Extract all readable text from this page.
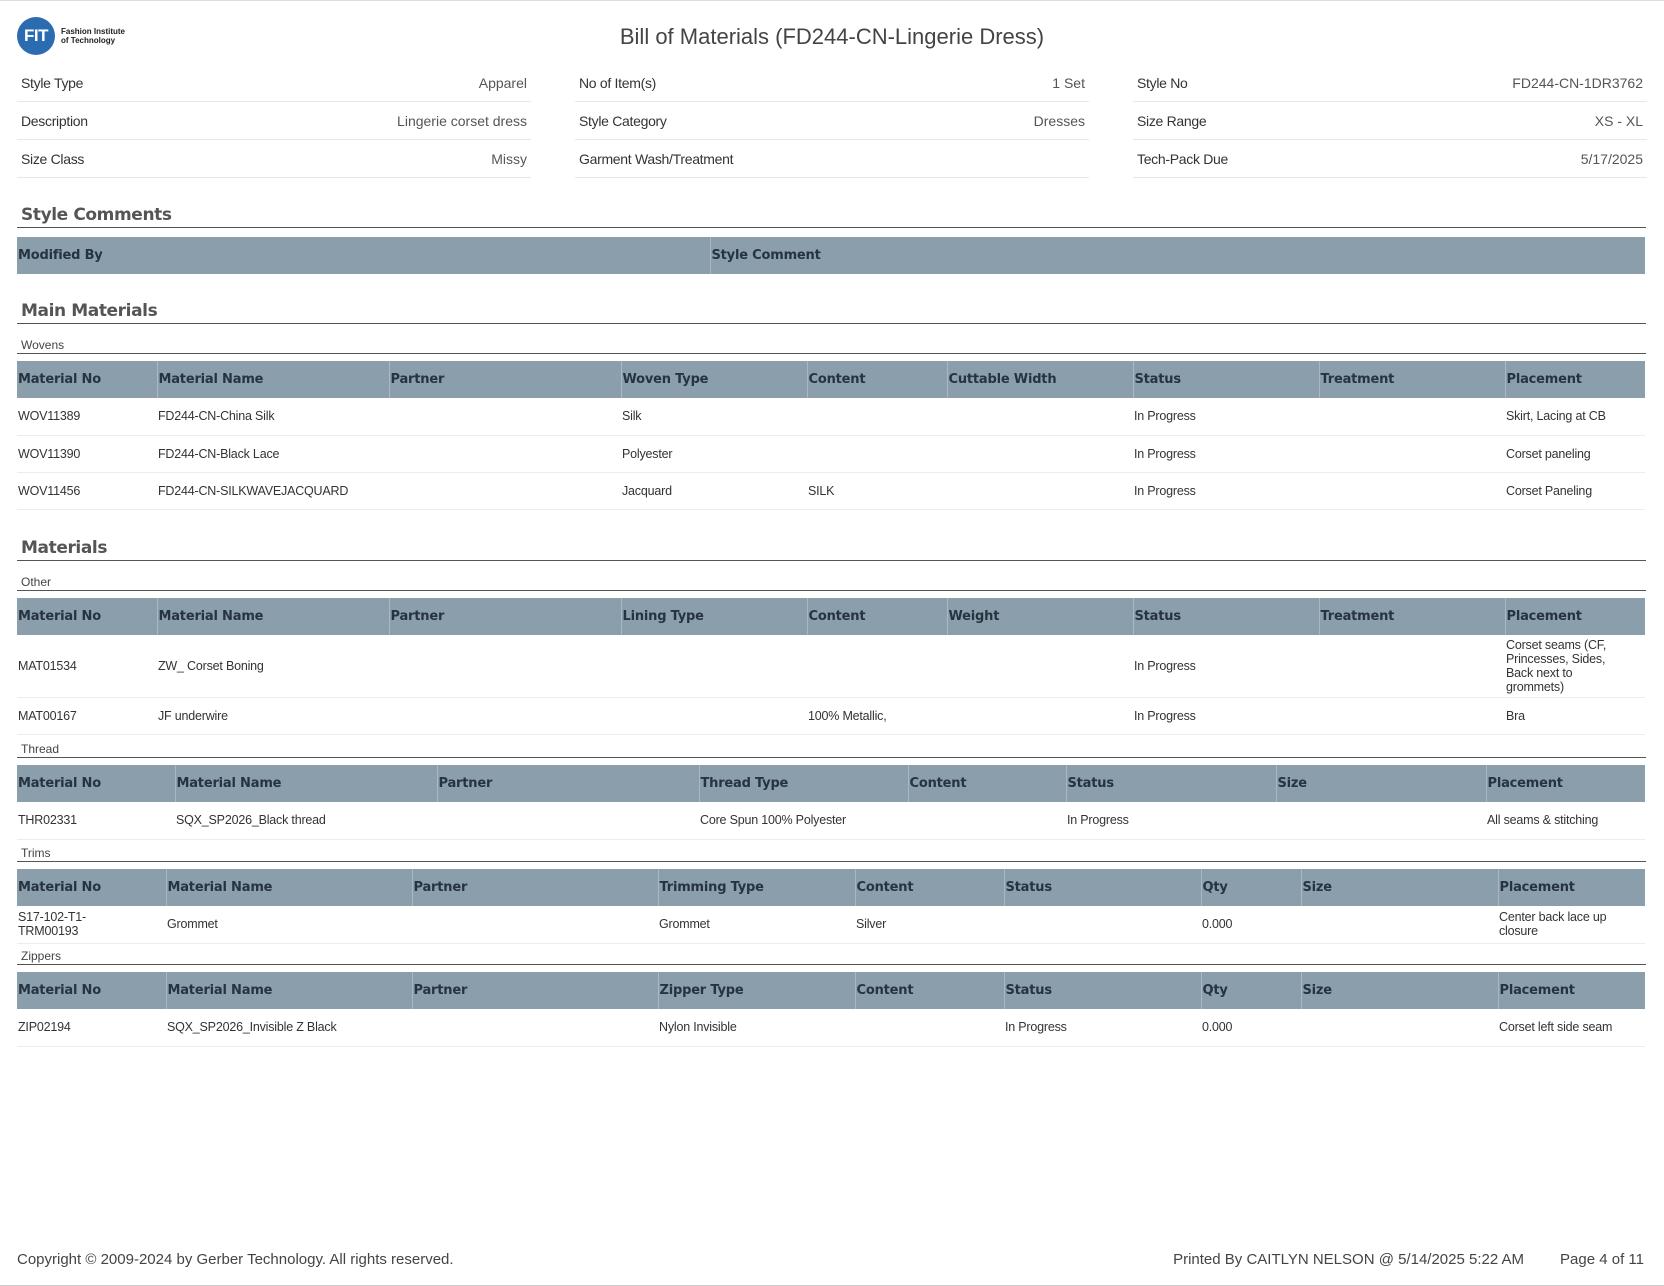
FIT	Fashion Institute
of Technology	Bill of Materials (FD244-CN-Lingerie Dress)
Style Type	Apparel
Description	Lingerie corset dress
Size Class	Missy
No of Item(s)	1 Set
Style Category	Dresses
Garment Wash/Treatment
Style No	FD244-CN-1DR3762
Size Range	XS - XL
Tech-Pack Due	5/17/2025
Style Comments
Modified By	Style Comment
Main Materials
Wovens
Material No	Material Name	Partner	Woven Type	Content	Cuttable Width	Status	Treatment	Placement
WOV11389	FD244-CN-China Silk		Silk			In Progress		Skirt, Lacing at CB
WOV11390	FD244-CN-Black Lace		Polyester			In Progress		Corset paneling
WOV11456	FD244-CN-SILKWAVEJACQUARD		Jacquard	SILK		In Progress		Corset Paneling
Materials
Other
Material No	Material Name	Partner	Lining Type	Content	Weight	Status	Treatment	Placement
MAT01534	ZW_ Corset Boning					In Progress		Corset seams (CF, Princesses, Sides, Back next to grommets)
MAT00167	JF underwire			100% Metallic,		In Progress		Bra
Thread
Material No	Material Name	Partner	Thread Type	Content	Status	Size	Placement
THR02331	SQX_SP2026_Black thread		Core Spun 100% Polyester		In Progress		All seams & stitching
Trims
Material No	Material Name	Partner	Trimming Type	Content	Status	Qty	Size	Placement
S17-102-T1-TRM00193	Grommet		Grommet	Silver		0.000		Center back lace up closure
Zippers
Material No	Material Name	Partner	Zipper Type	Content	Status	Qty	Size	Placement
ZIP02194	SQX_SP2026_Invisible Z Black		Nylon Invisible		In Progress	0.000		Corset left side seam
Copyright © 2009-2024 by Gerber Technology. All rights reserved.	Printed By CAITLYN NELSON @ 5/14/2025 5:22 AM Page 4 of 11
